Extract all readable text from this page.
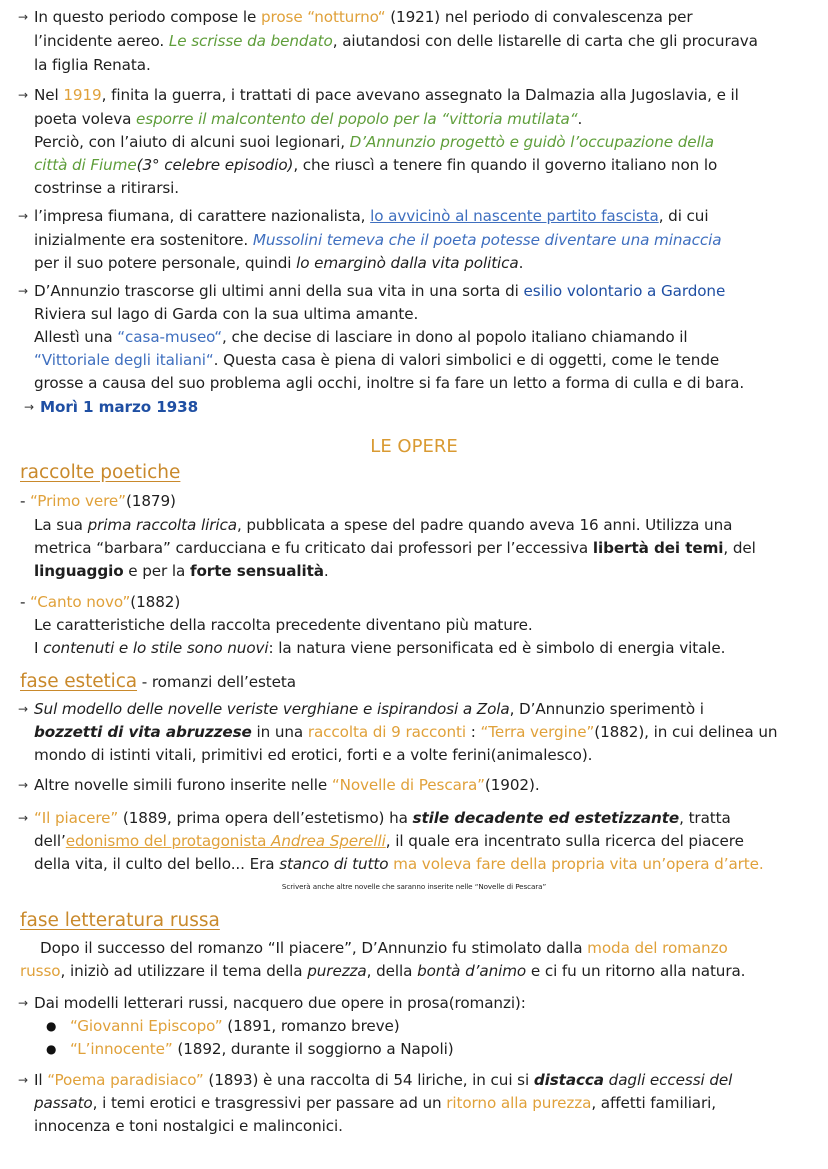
→ In questo periodo compose le prose “notturno“ (1921) nel periodo di convalescenza per
l’incidente aereo. Le scrisse da bendato, aiutandosi con delle listarelle di carta che gli procurava
la figlia Renata.
→ Nel 1919, finita la guerra, i trattati di pace avevano assegnato la Dalmazia alla Jugoslavia, e il
poeta voleva esporre il malcontento del popolo per la “vittoria mutilata“.
Perciò, con l’aiuto di alcuni suoi legionari, D’Annunzio progettò e guidò l’occupazione della
città di Fiume(3° celebre episodio), che riuscì a tenere fin quando il governo italiano non lo
costrinse a ritirarsi.
→ l’impresa fiumana, di carattere nazionalista, lo avvicinò al nascente partito fascista, di cui
inizialmente era sostenitore. Mussolini temeva che il poeta potesse diventare una minaccia
per il suo potere personale, quindi lo emarginò dalla vita politica.
→ D’Annunzio trascorse gli ultimi anni della sua vita in una sorta di esilio volontario a Gardone
Riviera sul lago di Garda con la sua ultima amante.
Allestì una “casa-museo“, che decise di lasciare in dono al popolo italiano chiamando il
“Vittoriale degli italiani“. Questa casa è piena di valori simbolici e di oggetti, come le tende
grosse a causa del suo problema agli occhi, inoltre si fa fare un letto a forma di culla e di bara.
→ Morì 1 marzo 1938
LE OPERE
raccolte poetiche
- “Primo vere”(1879)
La sua prima raccolta lirica, pubblicata a spese del padre quando aveva 16 anni. Utilizza una
metrica “barbara” carducciana e fu criticato dai professori per l’eccessiva libertà dei temi, del
linguaggio e per la forte sensualità.
- “Canto novo”(1882)
Le caratteristiche della raccolta precedente diventano più mature.
I contenuti e lo stile sono nuovi: la natura viene personificata ed è simbolo di energia vitale.
fase estetica - romanzi dell’esteta
→ Sul modello delle novelle veriste verghiane e ispirandosi a Zola, D’Annunzio sperimentò i
bozzetti di vita abruzzese in una raccolta di 9 racconti : “Terra vergine”(1882), in cui delinea un
mondo di istinti vitali, primitivi ed erotici, forti e a volte ferini(animalesco).
→ Altre novelle simili furono inserite nelle “Novelle di Pescara”(1902).
→ “Il piacere” (1889, prima opera dell’estetismo) ha stile decadente ed estetizzante, tratta
dell’edonismo del protagonista Andrea Sperelli, il quale era incentrato sulla ricerca del piacere
della vita, il culto del bello... Era stanco di tutto ma voleva fare della propria vita un’opera d’arte.
Scriverà anche altre novelle che saranno inserite nelle “Novelle di Pescara”
fase letteratura russa
Dopo il successo del romanzo “Il piacere”, D’Annunzio fu stimolato dalla moda del romanzo
russo, iniziò ad utilizzare il tema della purezza, della bontà d’animo e ci fu un ritorno alla natura.
→ Dai modelli letterari russi, nacquero due opere in prosa(romanzi):
● “Giovanni Episcopo” (1891, romanzo breve)
● “L’innocente” (1892, durante il soggiorno a Napoli)
→ Il “Poema paradisiaco” (1893) è una raccolta di 54 liriche, in cui si distacca dagli eccessi del
passato, i temi erotici e trasgressivi per passare ad un ritorno alla purezza, affetti familiari,
innocenza e toni nostalgici e malinconici.
